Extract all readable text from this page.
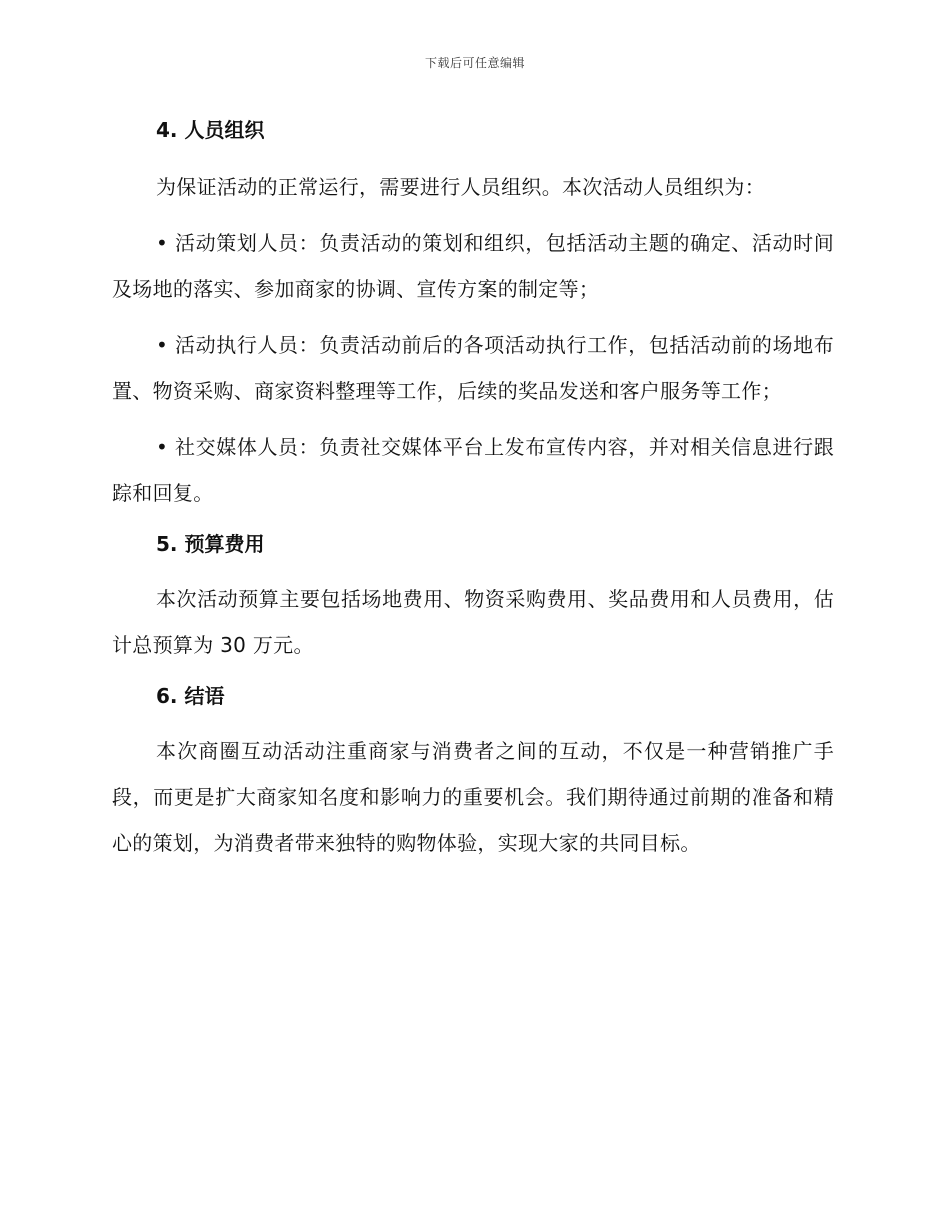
下载后可任意编辑
4. 人员组织

为保证活动的正常运行，需要进行人员组织。本次活动人员组织为：

• 活动策划人员：负责活动的策划和组织，包括活动主题的确定、活动时间及场地的落实、参加商家的协调、宣传方案的制定等；

• 活动执行人员：负责活动前后的各项活动执行工作，包括活动前的场地布置、物资采购、商家资料整理等工作，后续的奖品发送和客户服务等工作；

• 社交媒体人员：负责社交媒体平台上发布宣传内容，并对相关信息进行跟踪和回复。

5. 预算费用

本次活动预算主要包括场地费用、物资采购费用、奖品费用和人员费用，估计总预算为 30 万元。

6. 结语

本次商圈互动活动注重商家与消费者之间的互动，不仅是一种营销推广手段，而更是扩大商家知名度和影响力的重要机会。我们期待通过前期的准备和精心的策划，为消费者带来独特的购物体验，实现大家的共同目标。
